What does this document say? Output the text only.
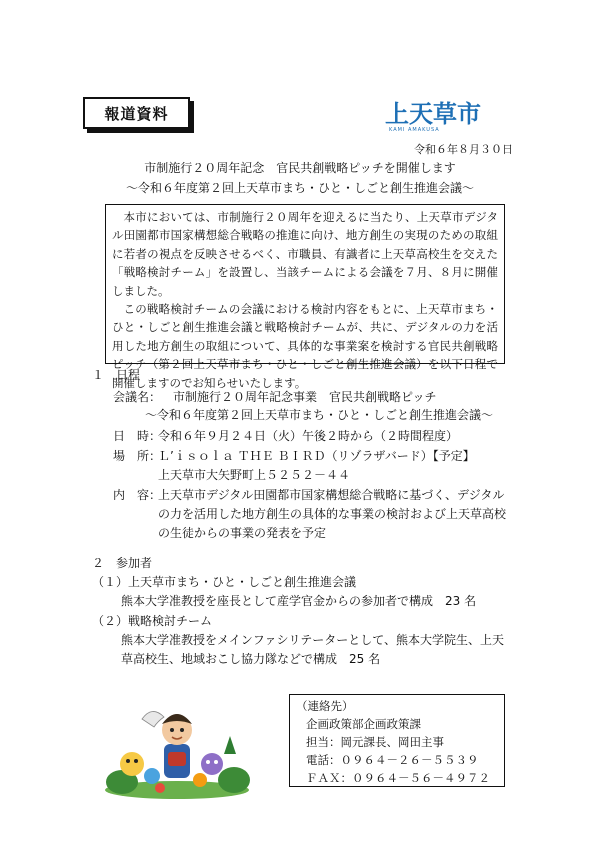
報道資料	上天草市
KAMI AMAKUSA
令和６年８月３０日
市制施行２０周年記念　官民共創戦略ピッチを開催します
～令和６年度第２回上天草市まち・ひと・しごと創生推進会議～

本市においては、市制施行２０周年を迎えるに当たり、上天草市デジタル田園都市国家構想総合戦略の推進に向け、地方創生の実現のための取組に若者の視点を反映させるべく、市職員、有識者に上天草高校生を交えた「戦略検討チーム」を設置し、当該チームによる会議を７月、８月に開催しました。

この戦略検討チームの会議における検討内容をもとに、上天草市まち・ひと・しごと創生推進会議と戦略検討チームが、共に、デジタルの力を活用した地方創生の取組について、具体的な事業案を検討する官民共創戦略ピッチ（第２回上天草市まち・ひと・しごと創生推進会議）を以下日程で開催しますのでお知らせいたします。

１　日程
会議名： 市制施行２０周年記念事業　官民共創戦略ピッチ
～令和６年度第２回上天草市まち・ひと・しごと創生推進会議～
日　時：
令和６年９月２４日（火）午後２時から（２時間程度）
場　所：
Ｌ’ｉｓｏｌａ ＴＨＥ ＢＩＲＤ（リゾラザバード）【予定】
上天草市大矢野町上５２５２－４４
内　容：
上天草市デジタル田園都市国家構想総合戦略に基づく、デジタル
の力を活用した地方創生の具体的な事業の検討および上天草高校
の生徒からの事業の発表を予定
２　参加者
（１）上天草市まち・ひと・しごと創生推進会議
熊本大学准教授を座長として産学官金からの参加者で構成　23 名
（２）戦略検討チーム
熊本大学准教授をメインファシリテーターとして、熊本大学院生、上天
草高校生、地域おこし協力隊などで構成　25 名
（連絡先）
企画政策部企画政策課
担当：岡元課長、岡田主事
電話：０９６４－２６－５５３９
ＦＡＸ：０９６４－５６－４９７２
